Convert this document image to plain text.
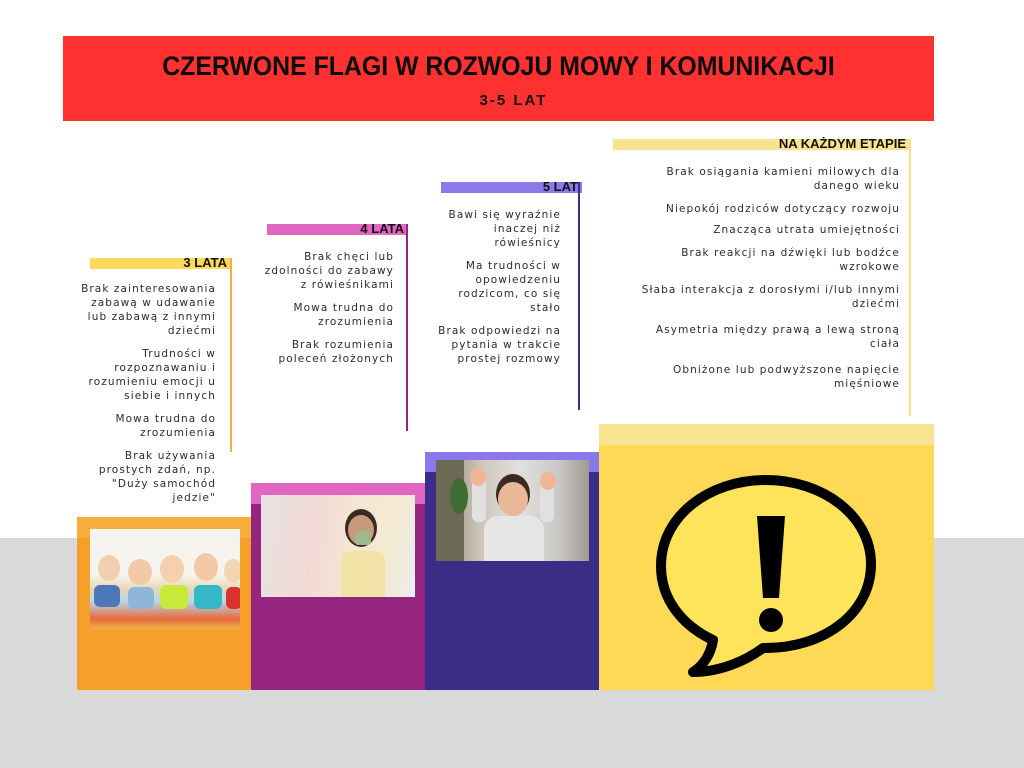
CZERWONE FLAGI W ROZWOJU MOWY I KOMUNIKACJI
3-5 LAT
3 LATA
Brak zainteresowania zabawą w udawanie lub zabawą z innymi dziećmi
Trudności w rozpoznawaniu i rozumieniu emocji u siebie i innych
Mowa trudna do zrozumienia
Brak używania prostych zdań, np. "Duży samochód jedzie"
4 LATA
Brak chęci lub zdolności do zabawy z rówieśnikami
Mowa trudna do zrozumienia
Brak rozumienia poleceń złożonych
5 LAT
Bawi się wyraźnie inaczej niż rówieśnicy
Ma trudności w opowiedzeniu rodzicom, co się stało
Brak odpowiedzi na pytania w trakcie prostej rozmowy
NA KAŻDYM ETAPIE
Brak osiągania kamieni milowych dla danego wieku
Niepokój rodziców dotyczący rozwoju
Znacząca utrata umiejętności
Brak reakcji na dźwięki lub bodźce wzrokowe
Słaba interakcja z dorosłymi i/lub innymi dziećmi
Asymetria między prawą a lewą stroną ciała
Obniżone lub podwyższone napięcie mięśniowe
